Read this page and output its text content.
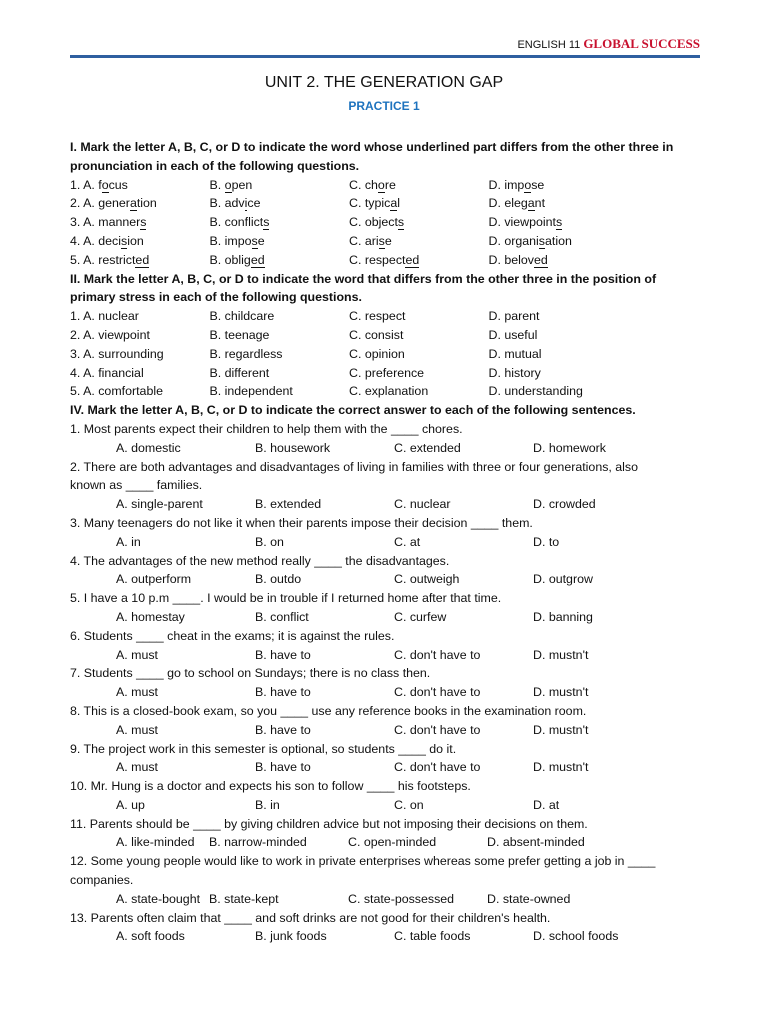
ENGLISH 11 GLOBAL SUCCESS
UNIT 2. THE GENERATION GAP
PRACTICE 1
I. Mark the letter A, B, C, or D to indicate the word whose underlined part differs from the other three in pronunciation in each of the following questions.
1. A. focus	B. open	C. chore	D. impose
2. A. generation	B. advice	C. typical	D. elegant
3. A. manners	B. conflicts	C. objects	D. viewpoints
4. A. decision	B. impose	C. arise	D. organisation
5. A. restricted	B. obliged	C. respected	D. beloved
II. Mark the letter A, B, C, or D to indicate the word that differs from the other three in the position of primary stress in each of the following questions.
1. A. nuclear	B. childcare	C. respect	D. parent
2. A. viewpoint	B. teenage	C. consist	D. useful
3. A. surrounding	B. regardless	C. opinion	D. mutual
4. A. financial	B. different	C. preference	D. history
5. A. comfortable	B. independent	C. explanation	D. understanding
IV. Mark the letter A, B, C, or D to indicate the correct answer to each of the following sentences.
1. Most parents expect their children to help them with the ____ chores.
A. domestic	B. housework	C. extended	D. homework
2. There are both advantages and disadvantages of living in families with three or four generations, also
known as ____ families.
A. single-parent	B. extended	C. nuclear	D. crowded
3. Many teenagers do not like it when their parents impose their decision ____ them.
A. in	B. on	C. at	D. to
4. The advantages of the new method really ____ the disadvantages.
A. outperform	B. outdo	C. outweigh	D. outgrow
5. I have a 10 p.m ____. I would be in trouble if I returned home after that time.
A. homestay	B. conflict	C. curfew	D. banning
6. Students ____ cheat in the exams; it is against the rules.
A. must	B. have to	C. don't have to	D. mustn't
7. Students ____ go to school on Sundays; there is no class then.
A. must	B. have to	C. don't have to	D. mustn't
8. This is a closed-book exam, so you ____ use any reference books in the examination room.
A. must	B. have to	C. don't have to	D. mustn't
9. The project work in this semester is optional, so students ____ do it.
A. must	B. have to	C. don't have to	D. mustn't
10. Mr. Hung is a doctor and expects his son to follow ____ his footsteps.
A. up	B. in	C. on	D. at
11. Parents should be ____ by giving children advice but not imposing their decisions on them.
A. like-minded	B. narrow-minded	C. open-minded	D. absent-minded
12. Some young people would like to work in private enterprises whereas some prefer getting a job in ____
companies.
A. state-bought B. state-kept	C. state-possessed	D. state-owned
13. Parents often claim that ____ and soft drinks are not good for their children's health.
A. soft foods	B. junk foods	C. table foods	D. school foods
